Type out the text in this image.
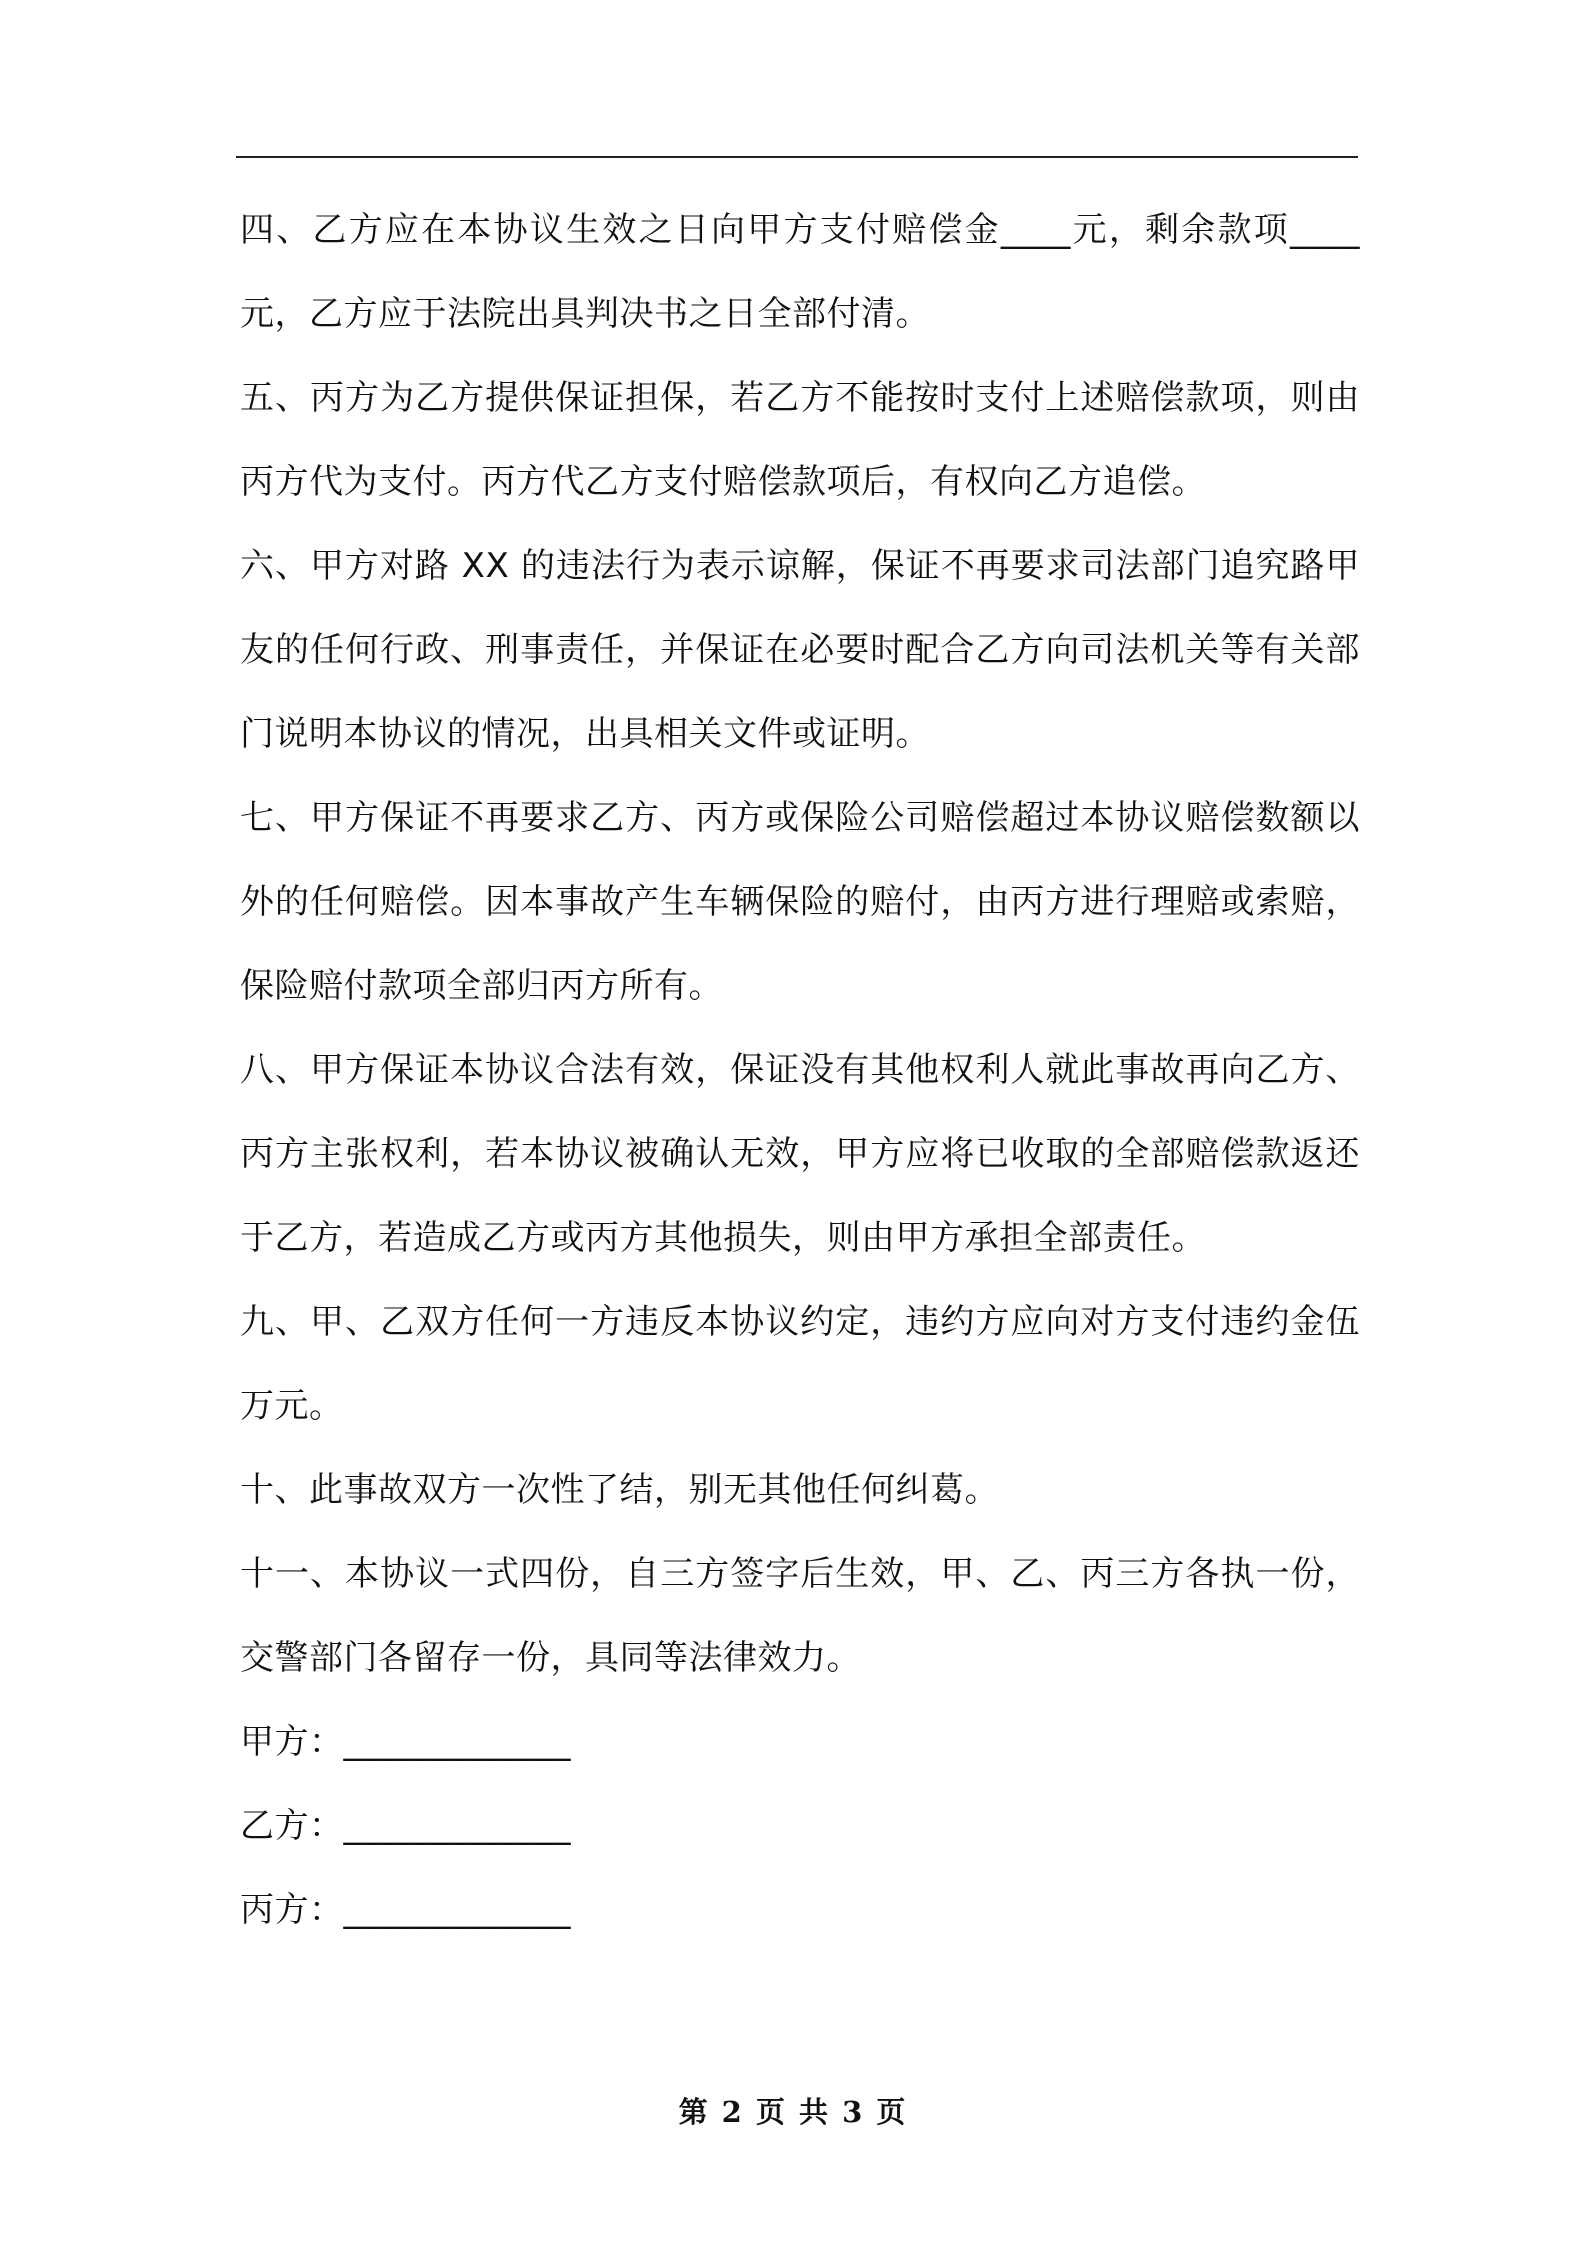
四、乙方应在本协议生效之日向甲方支付赔偿金____元，剩余款项____元，乙方应于法院出具判决书之日全部付清。

五、丙方为乙方提供保证担保，若乙方不能按时支付上述赔偿款项，则由丙方代为支付。丙方代乙方支付赔偿款项后，有权向乙方追偿。

六、甲方对路 XX 的违法行为表示谅解，保证不再要求司法部门追究路甲友的任何行政、刑事责任，并保证在必要时配合乙方向司法机关等有关部门说明本协议的情况，出具相关文件或证明。

七、甲方保证不再要求乙方、丙方或保险公司赔偿超过本协议赔偿数额以外的任何赔偿。因本事故产生车辆保险的赔付，由丙方进行理赔或索赔，保险赔付款项全部归丙方所有。

八、甲方保证本协议合法有效，保证没有其他权利人就此事故再向乙方、丙方主张权利，若本协议被确认无效，甲方应将已收取的全部赔偿款返还于乙方，若造成乙方或丙方其他损失，则由甲方承担全部责任。

九、甲、乙双方任何一方违反本协议约定，违约方应向对方支付违约金伍万元。

十、此事故双方一次性了结，别无其他任何纠葛。

十一、本协议一式四份，自三方签字后生效，甲、乙、丙三方各执一份，交警部门各留存一份，具同等法律效力。

甲方：_____________

乙方：_____________

丙方：_____________

第 2 页 共 3 页
